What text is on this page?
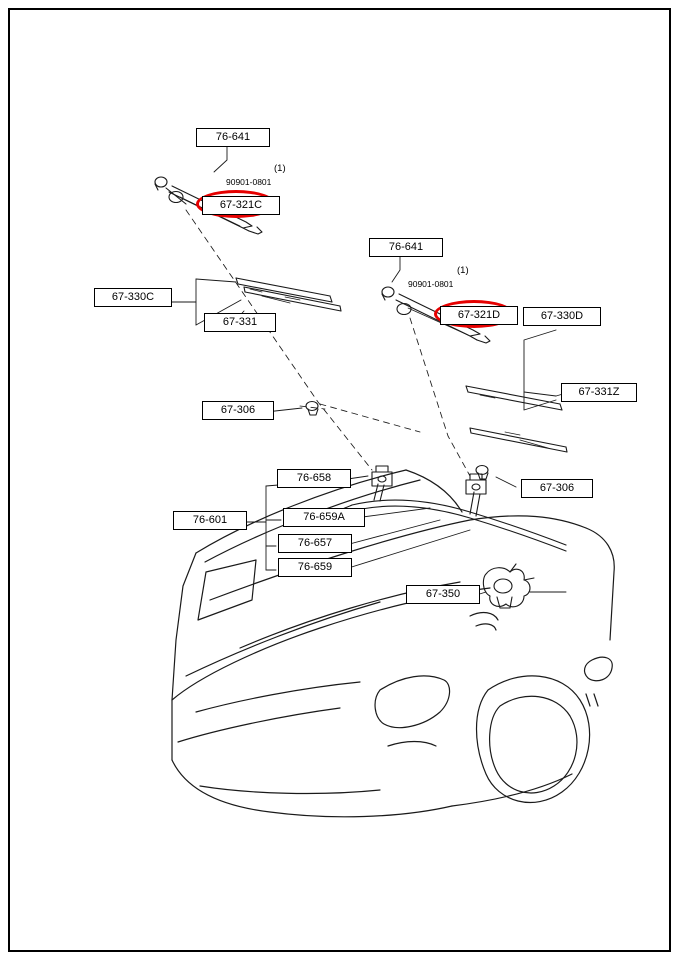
76-641
67-321C
67-330C
67-331
76-641
67-321D	67-330D
67-331Z
67-306
67-306
76-658
76-601	76-659A
76-657
76-659
67-350
(1)
90901-0801
(1)
90901-0801
